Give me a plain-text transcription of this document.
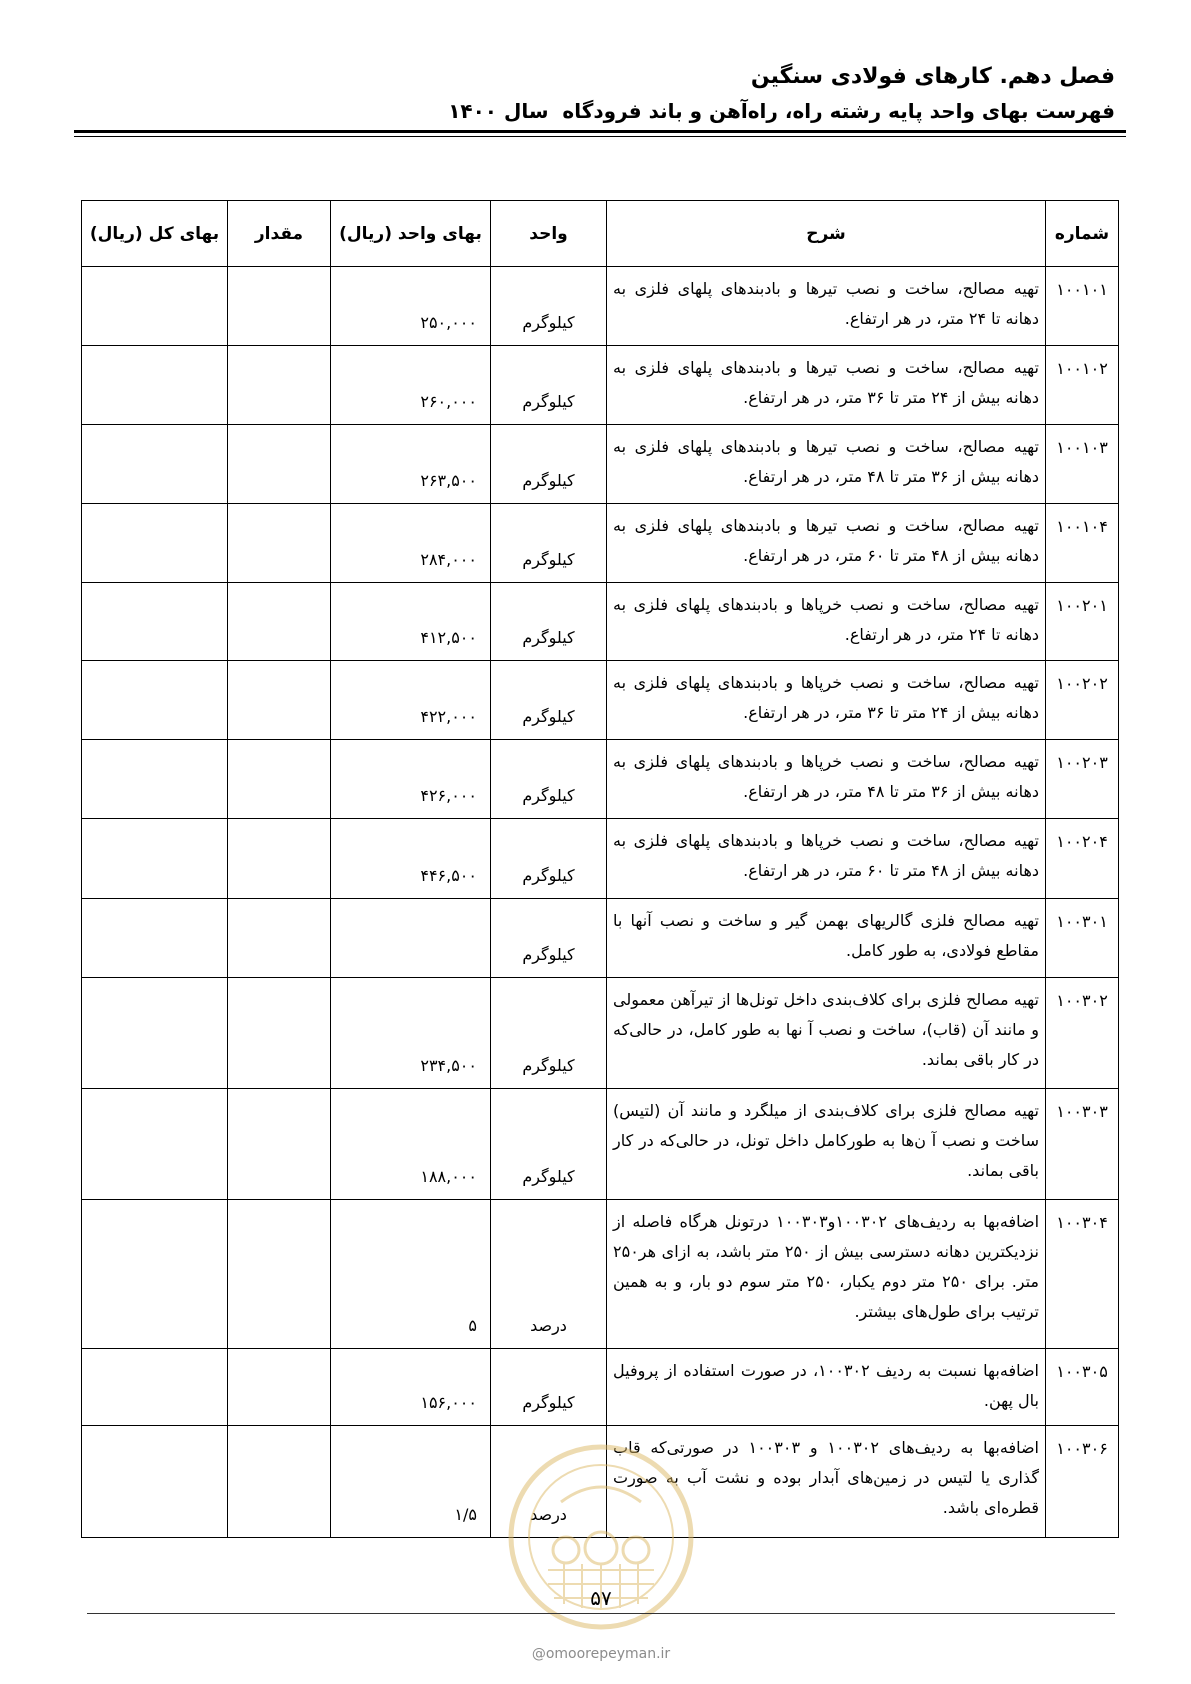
فصل دهم. کارهای فولادی سنگین
فهرست بهای واحد پایه رشته راه، راه‌آهن و باند فرودگاه  سال ۱۴۰۰
شماره	شرح	واحد	بهای واحد (ریال)	مقدار	بهای کل (ریال)
۱۰۰۱۰۱	تهیه مصالح، ساخت و نصب تیرها و بادبندهای پلهای فلزی به دهانه تا ۲۴ متر، در هر ارتفاع.	کیلوگرم	۲۵۰,۰۰۰		
۱۰۰۱۰۲	تهیه مصالح، ساخت و نصب تیرها و بادبندهای پلهای فلزی به دهانه بیش از ۲۴ متر تا ۳۶ متر، در هر ارتفاع.	کیلوگرم	۲۶۰,۰۰۰		
۱۰۰۱۰۳	تهیه مصالح، ساخت و نصب تیرها و بادبندهای پلهای فلزی به دهانه بیش از ۳۶ متر تا ۴۸ متر، در هر ارتفاع.	کیلوگرم	۲۶۳,۵۰۰		
۱۰۰۱۰۴	تهیه مصالح، ساخت و نصب تیرها و بادبندهای پلهای فلزی به دهانه بیش از ۴۸ متر تا ۶۰ متر، در هر ارتفاع.	کیلوگرم	۲۸۴,۰۰۰		
۱۰۰۲۰۱	تهیه مصالح، ساخت و نصب خرپاها و بادبندهای پلهای فلزی به دهانه تا ۲۴ متر، در هر ارتفاع.	کیلوگرم	۴۱۲,۵۰۰		
۱۰۰۲۰۲	تهیه مصالح، ساخت و نصب خرپاها و بادبندهای پلهای فلزی به دهانه بیش از ۲۴ متر تا ۳۶ متر، در هر ارتفاع.	کیلوگرم	۴۲۲,۰۰۰		
۱۰۰۲۰۳	تهیه مصالح، ساخت و نصب خرپاها و بادبندهای پلهای فلزی به دهانه بیش از ۳۶ متر تا ۴۸ متر، در هر ارتفاع.	کیلوگرم	۴۲۶,۰۰۰		
۱۰۰۲۰۴	تهیه مصالح، ساخت و نصب خرپاها و بادبندهای پلهای فلزی به دهانه بیش از ۴۸ متر تا ۶۰ متر، در هر ارتفاع.	کیلوگرم	۴۴۶,۵۰۰		
۱۰۰۳۰۱	تهیه مصالح فلزی گالریهای بهمن گیر و ساخت و نصب آنها با مقاطع فولادی، به طور کامل.	کیلوگرم			
۱۰۰۳۰۲	تهیه مصالح فلزی برای کلاف‌بندی داخل تونل‌ها از تیرآهن معمولی و مانند آن (قاب)، ساخت و نصب آ نها به طور کامل، در حالی‌که در کار باقی بماند.	کیلوگرم	۲۳۴,۵۰۰		
۱۰۰۳۰۳	تهیه مصالح فلزی برای کلاف‌بندی از میلگرد و مانند آن (لتیس) ساخت و نصب آ ن‌ها به طورکامل داخل تونل، در حالی‌که در کار باقی بماند.	کیلوگرم	۱۸۸,۰۰۰		
۱۰۰۳۰۴	اضافه‌بها به ردیف‌های ۱۰۰۳۰۲و۱۰۰۳۰۳ درتونل هرگاه فاصله از نزدیکترین دهانه دسترسی بیش از ۲۵۰ متر باشد، به ازای هر۲۵۰ متر. برای ۲۵۰ متر دوم یکبار، ۲۵۰ متر سوم دو بار، و به همین ترتیب برای طول‌های بیشتر.	درصد	۵		
۱۰۰۳۰۵	اضافه‌بها نسبت به ردیف ۱۰۰۳۰۲، در صورت استفاده از پروفیل بال پهن.	کیلوگرم	۱۵۶,۰۰۰		
۱۰۰۳۰۶	اضافه‌بها به ردیف‌های ۱۰۰۳۰۲ و ۱۰۰۳۰۳ در صورتی‌که قاب گذاری یا لتیس در زمین‌های آبدار بوده و نشت آب به صورت قطره‌ای باشد.	درصد	۱/۵		
۵۷
@omoorepeyman.ir
